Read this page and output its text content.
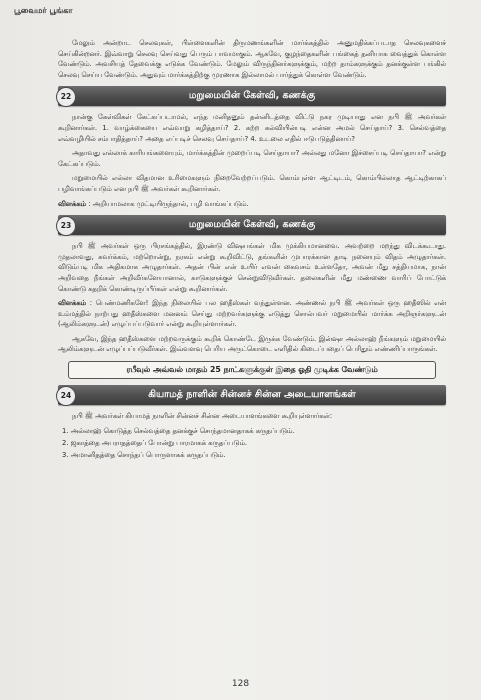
பூவைமர் பூங்கா

மேலும் அன்றாட செலவுகள், பிள்ளைகளின் திருமணங்களின் மார்க்கத்தில் அனுமதிக்கப்படாத செலவுகளைச் செய்கின்றனர். இவ்வாறு செலவு செய்வது பெரும் பாவமாகும். ஆகவே, குழந்தைகளின் பங்கைத் தனியாக வைத்துக் கொள்ள வேண்டும். அவசியத் தேவைக்கு எடுக்க வேண்டும். மேலும் விருந்தினர்களுக்கும், மற்ற தாம்களுக்கும் தனக்குள்ள பங்கில் செலவு செய்ய வேண்டும். அதுவும் மார்க்கத்திற்கு முரணாக இல்லாமல் பார்த்துக் கொள்ள வேண்டும்.

22	மறுமையின் கேள்வி, கணக்கு

நான்கு கேள்விகள் கேட்கப்படாமல், எந்த மனிதனும் தன்னிடத்தை விட்டு நகர முடியாது என நபி ﷺ அவர்கள் கூறினார்கள். 1. வாழ்க்கையை எவ்வாறு கழித்தாய்? 2. கற்ற கல்வியின்படி என்ன அமல் செய்தாய்? 3. செல்வத்தை எவ்வழியில் சம்பாதித்தாய்? அதை எப்படிச் செலவு செய்தாய்? 4. உடலை எதில் ஈடுபடுத்தினாய்?

அதாவது எல்லாக் காரியங்களையும், மார்க்கத்தின் முறைப்படி செய்தாயா? அல்லது மனோ இச்சைப்படி செய்தாயா? என்று கேட்கப்படும்.

மறுமையில் எல்லா விதமான உரிமைகளும் நிறைவேற்றப்படும். கொம்புள்ள ஆட்டிடம், கொம்பில்லாத ஆட்டிற்காகப் பழிவாங்கப்படும் என நபி ﷺ அவர்கள் கூறினார்கள்.

விளக்கம் : அறியாமலாக முட்டியிருந்தால், பழி வாங்கப்படும்.

23	மறுமையின் கேள்வி, கணக்கு

நபி ﷺ அவர்கள் ஒரு பிரசங்கத்தில், இரண்டு விஷயங்கள் மிக முக்கியமானவை. அவற்றை மறந்து விடக்கூடாது. முதலாவது, சுவர்க்கம், மற்றொன்று, நரகம் என்று கூறிவிட்டு, தங்களின் முபாரக்கான தாடி நனையும் விதம் அழுதார்கள். விடும்படி மிக அதிகமாக அழுதார்கள். அதன் பின் என் உயிர் எவன் கைவசம் உள்ளதோ, அவன் மீது சத்தியமாக, நான் அறிவதை நீங்கள் அறிவீர்களேயானால், காடுகளுக்குச் சென்றுவிடுவீர்கள். தலைகளின் மீது மண்ணை வாரிப் போட்டுக் கொண்டு கதறிக் கொண்டிருப்பீர்கள் என்று கூறினார்கள்.

விளக்கம் : பெண்மணிகளே! இந்த நிலையில் பல ஹதீஸ்கள் வந்துள்ளன. அண்ணல் நபி ﷺ அவர்கள் ஒரு ஹதீஸில் என் உம்மத்தில் நாற்பது ஹதீஸ்களை மனனம் செய்து மற்றவர்களுக்கு எடுத்து சொல்பவர் மறுமையில் மார்க்க அறிஞர்களுடன் (ஆலிம்களுடன்) எழுப்பப்படுவார் என்று கூறியுள்ளார்கள்.

ஆகவே, இந்த ஹதீஸ்களை மற்றவருக்கும் கூறிக் கொண்டே இருக்க வேண்டும். இன்ஷா அல்லாஹ் நீங்களும் மறுமையில் ஆலிம்களுடன் எழுப்பப்படுவீர்கள். இவ்வளவு பெரிய அருட்கொடை எளிதில் கிடைப்பதைப் பெரிதும் எண்ணிப்பாருங்கள்.

ரபீவுல் அவ்வல் மாதம் 25 நாட்களுக்குள் இதை ஓதி முடிக்க வேண்டும்
24	கியாமத் நாளின் சின்னச் சின்ன அடையாளங்கள்

நபி ﷺ அவர்கள் கியாமத் நாளின் சின்னச் சின்ன அடையாளங்களை கூறியுள்ளார்கள்:

1. அல்லாஹ் கொடுத்த செல்வத்தை தனக்குச் சொந்தமானதாகக் கருதப்படும்.
2. ஜகாத்தை அபராதத்தைப் போன்று பாரமாகக் கருதப்படும்.
3. அமானிதத்தை சொந்தப் பொருளாகக் கருதப்படும்.
128
